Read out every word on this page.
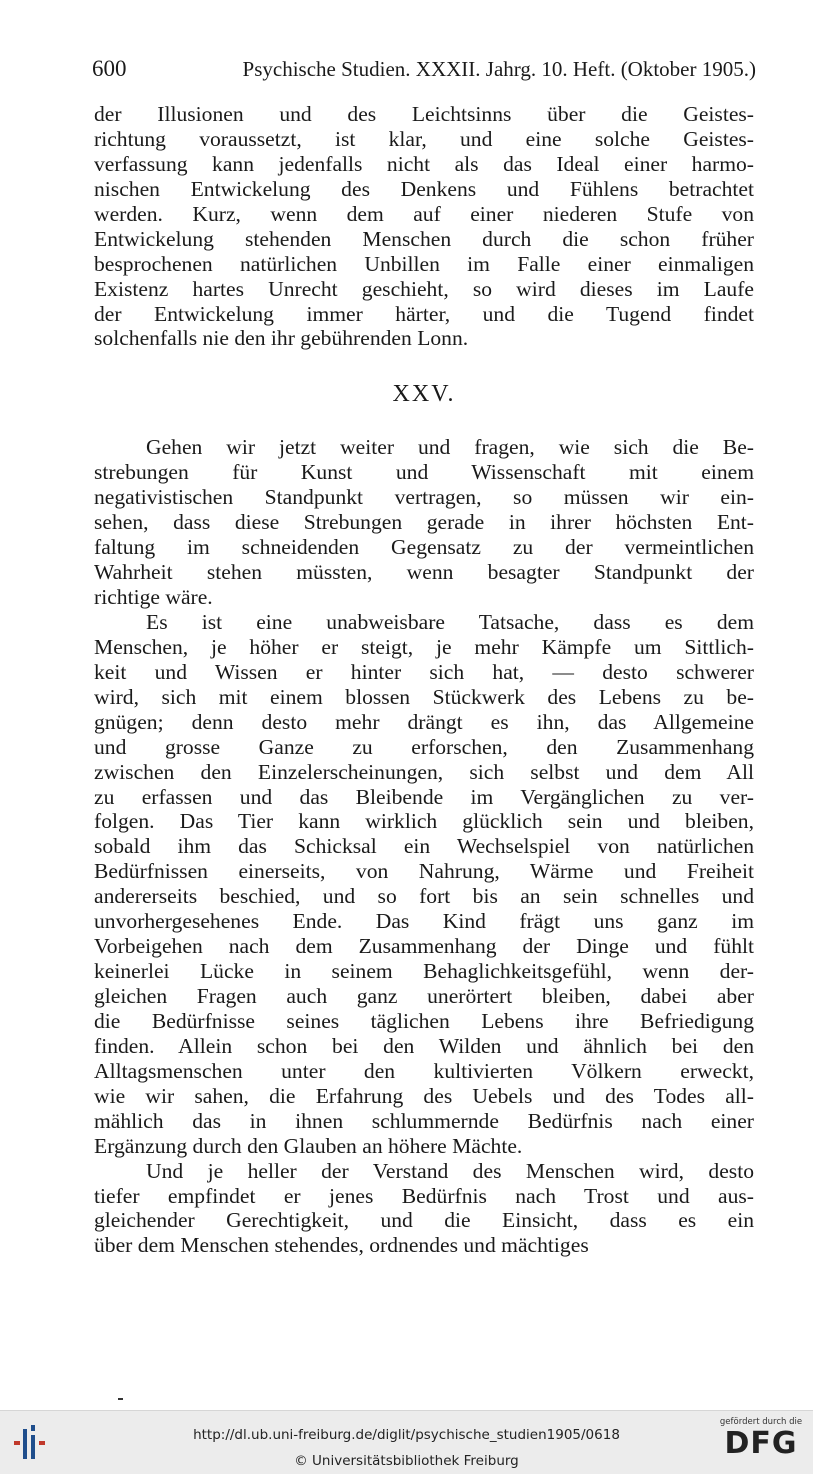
600	Psychische Studien. XXXII. Jahrg. 10. Heft. (Oktober 1905.)
der Illusionen und des Leichtsinns über die Geistes-
richtung voraussetzt, ist klar, und eine solche Geistes-
verfassung kann jedenfalls nicht als das Ideal einer harmo-
nischen Entwickelung des Denkens und Fühlens betrachtet
werden. Kurz, wenn dem auf einer niederen Stufe von
Entwickelung stehenden Menschen durch die schon früher
besprochenen natürlichen Unbillen im Falle einer einmaligen
Existenz hartes Unrecht geschieht, so wird dieses im Laufe
der Entwickelung immer härter, und die Tugend findet
solchenfalls nie den ihr gebührenden Lonn.
XXV.
Gehen wir jetzt weiter und fragen, wie sich die Be-
strebungen für Kunst und Wissenschaft mit einem
negativistischen Standpunkt vertragen, so müssen wir ein-
sehen, dass diese Strebungen gerade in ihrer höchsten Ent-
faltung im schneidenden Gegensatz zu der vermeintlichen
Wahrheit stehen müssten, wenn besagter Standpunkt der
richtige wäre.
Es ist eine unabweisbare Tatsache, dass es dem
Menschen, je höher er steigt, je mehr Kämpfe um Sittlich-
keit und Wissen er hinter sich hat, — desto schwerer
wird, sich mit einem blossen Stückwerk des Lebens zu be-
gnügen; denn desto mehr drängt es ihn, das Allgemeine
und grosse Ganze zu erforschen, den Zusammenhang
zwischen den Einzelerscheinungen, sich selbst und dem All
zu erfassen und das Bleibende im Vergänglichen zu ver-
folgen. Das Tier kann wirklich glücklich sein und bleiben,
sobald ihm das Schicksal ein Wechselspiel von natürlichen
Bedürfnissen einerseits, von Nahrung, Wärme und Freiheit
andererseits beschied, und so fort bis an sein schnelles und
unvorhergesehenes Ende. Das Kind frägt uns ganz im
Vorbeigehen nach dem Zusammenhang der Dinge und fühlt
keinerlei Lücke in seinem Behaglichkeitsgefühl, wenn der-
gleichen Fragen auch ganz unerörtert bleiben, dabei aber
die Bedürfnisse seines täglichen Lebens ihre Befriedigung
finden. Allein schon bei den Wilden und ähnlich bei den
Alltagsmenschen unter den kultivierten Völkern erweckt,
wie wir sahen, die Erfahrung des Uebels und des Todes all-
mählich das in ihnen schlummernde Bedürfnis nach einer
Ergänzung durch den Glauben an höhere Mächte.
Und je heller der Verstand des Menschen wird, desto
tiefer empfindet er jenes Bedürfnis nach Trost und aus-
gleichender Gerechtigkeit, und die Einsicht, dass es ein
über dem Menschen stehendes, ordnendes und mächtiges
http://dl.ub.uni-freiburg.de/diglit/psychische_studien1905/0618
© Universitätsbibliothek Freiburg
gefördert durch die
DFG
